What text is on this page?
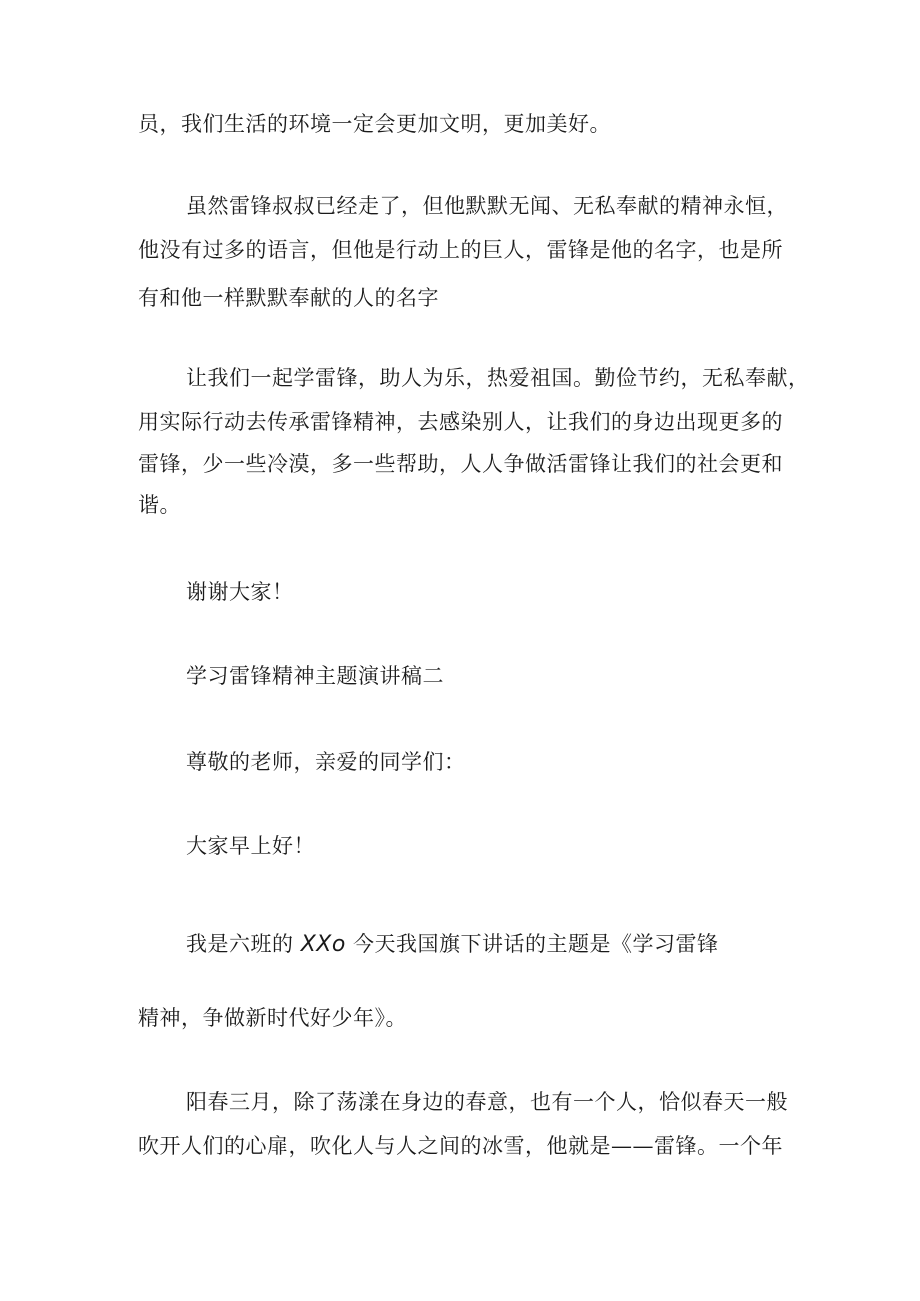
员，我们生活的环境一定会更加文明，更加美好。
虽然雷锋叔叔已经走了，但他默默无闻、无私奉献的精神永恒，
他没有过多的语言，但他是行动上的巨人，雷锋是他的名字，也是所
有和他一样默默奉献的人的名字
让我们一起学雷锋，助人为乐，热爱祖国。勤俭节约，无私奉献，
用实际行动去传承雷锋精神，去感染别人，让我们的身边出现更多的
雷锋，少一些冷漠，多一些帮助，人人争做活雷锋让我们的社会更和
谐。
谢谢大家！
学习雷锋精神主题演讲稿二
尊敬的老师，亲爱的同学们：
大家早上好！
我是六班的 XXo 今天我国旗下讲话的主题是《学习雷锋
精神，争做新时代好少年》。
阳春三月，除了荡漾在身边的春意，也有一个人，恰似春天一般
吹开人们的心扉，吹化人与人之间的冰雪，他就是——雷锋。一个年
